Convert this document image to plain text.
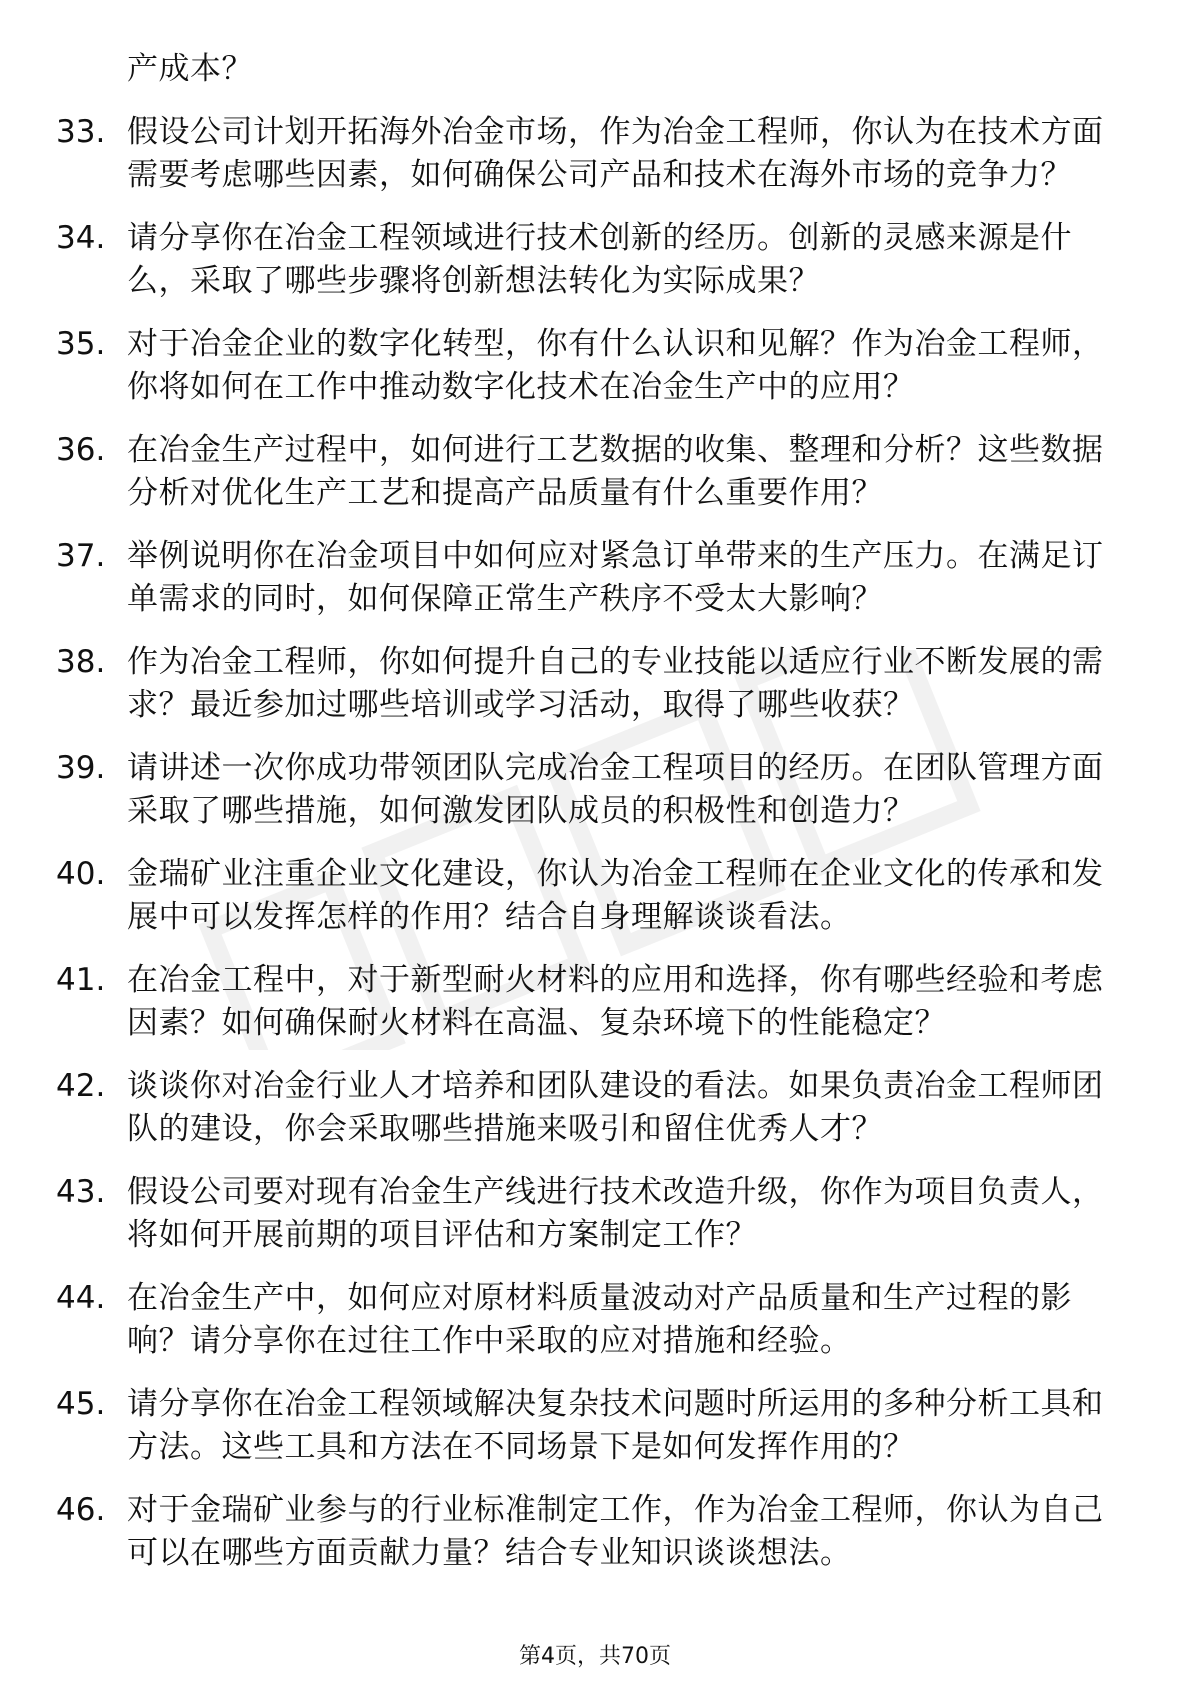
产成本？
33. 假设公司计划开拓海外冶金市场，作为冶金工程师，你认为在技术方面需要考虑哪些因素，如何确保公司产品和技术在海外市场的竞争力？
34. 请分享你在冶金工程领域进行技术创新的经历。创新的灵感来源是什么，采取了哪些步骤将创新想法转化为实际成果？
35. 对于冶金企业的数字化转型，你有什么认识和见解？作为冶金工程师，你将如何在工作中推动数字化技术在冶金生产中的应用？
36. 在冶金生产过程中，如何进行工艺数据的收集、整理和分析？这些数据分析对优化生产工艺和提高产品质量有什么重要作用？
37. 举例说明你在冶金项目中如何应对紧急订单带来的生产压力。在满足订单需求的同时，如何保障正常生产秩序不受太大影响？
38. 作为冶金工程师，你如何提升自己的专业技能以适应行业不断发展的需求？最近参加过哪些培训或学习活动，取得了哪些收获？
39. 请讲述一次你成功带领团队完成冶金工程项目的经历。在团队管理方面采取了哪些措施，如何激发团队成员的积极性和创造力？
40. 金瑞矿业注重企业文化建设，你认为冶金工程师在企业文化的传承和发展中可以发挥怎样的作用？结合自身理解谈谈看法。
41. 在冶金工程中，对于新型耐火材料的应用和选择，你有哪些经验和考虑因素？如何确保耐火材料在高温、复杂环境下的性能稳定？
42. 谈谈你对冶金行业人才培养和团队建设的看法。如果负责冶金工程师团队的建设，你会采取哪些措施来吸引和留住优秀人才？
43. 假设公司要对现有冶金生产线进行技术改造升级，你作为项目负责人，将如何开展前期的项目评估和方案制定工作？
44. 在冶金生产中，如何应对原材料质量波动对产品质量和生产过程的影响？请分享你在过往工作中采取的应对措施和经验。
45. 请分享你在冶金工程领域解决复杂技术问题时所运用的多种分析工具和方法。这些工具和方法在不同场景下是如何发挥作用的？
46. 对于金瑞矿业参与的行业标准制定工作，作为冶金工程师，你认为自己可以在哪些方面贡献力量？结合专业知识谈谈想法。
第4页，共70页
